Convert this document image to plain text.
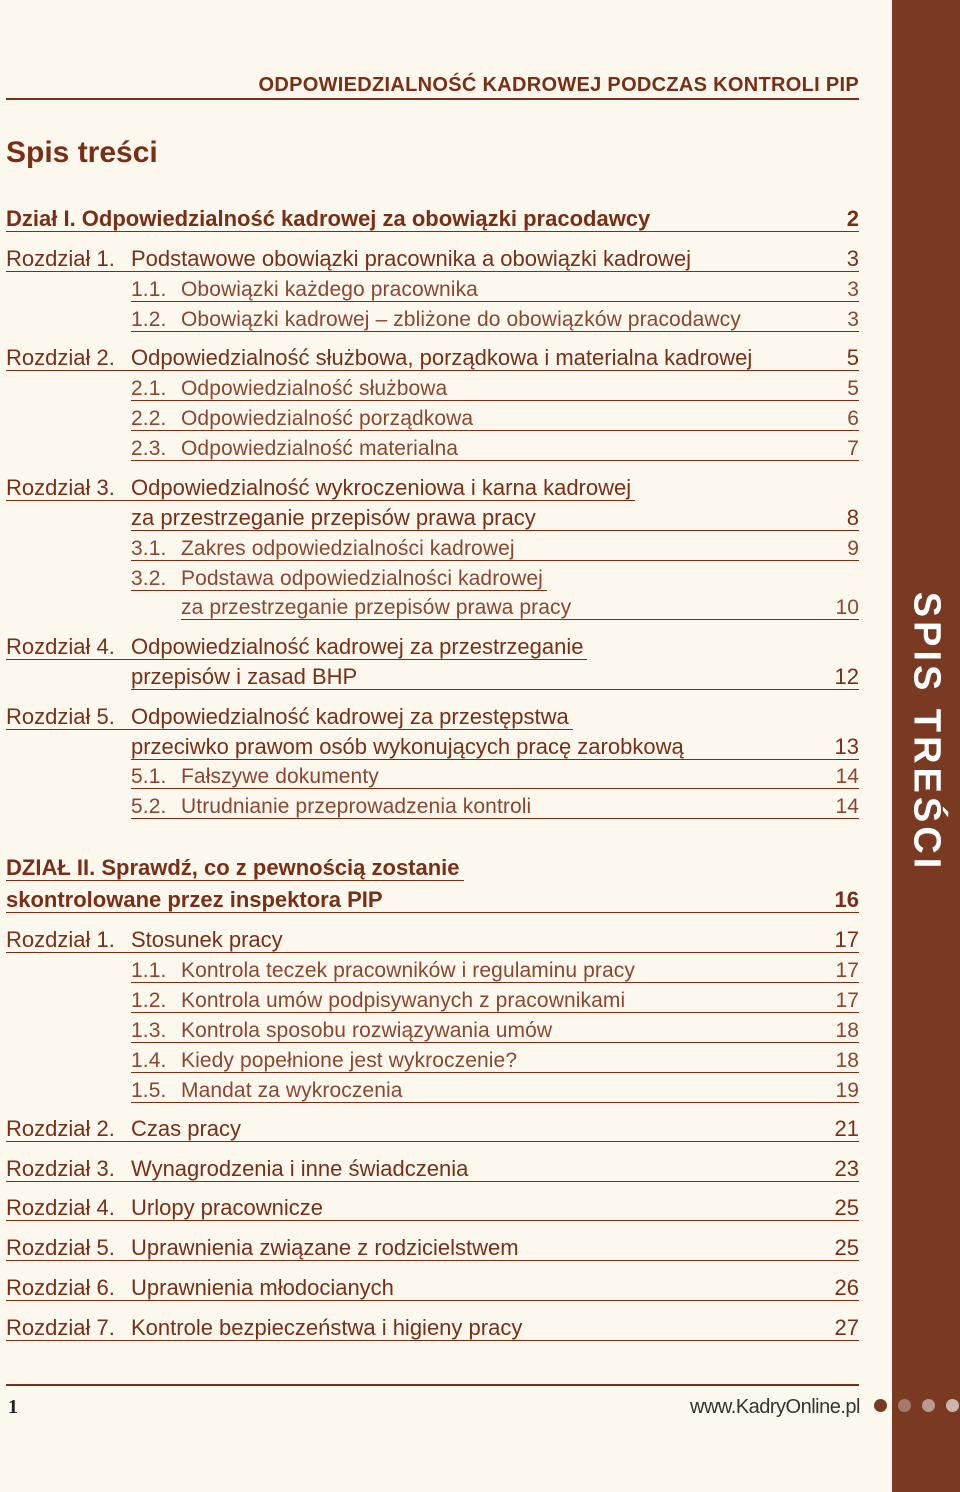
SPIS TREŚCI
ODPOWIEDZIALNOŚĆ KADROWEJ PODCZAS KONTROLI PIP
Spis treści
Dział I. Odpowiedzialność kadrowej za obowiązki pracodawcy	2
Rozdział 1. Podstawowe obowiązki pracownika a obowiązki kadrowej	3
1.1. Obowiązki każdego pracownika	3
1.2. Obowiązki kadrowej – zbliżone do obowiązków pracodawcy	3
Rozdział 2. Odpowiedzialność służbowa, porządkowa i materialna kadrowej	5
2.1. Odpowiedzialność służbowa	5
2.2. Odpowiedzialność porządkowa	6
2.3. Odpowiedzialność materialna	7
Rozdział 3. Odpowiedzialność wykroczeniowa i karna kadrowej
za przestrzeganie przepisów prawa pracy	8
3.1. Zakres odpowiedzialności kadrowej	9
3.2. Podstawa odpowiedzialności kadrowej
za przestrzeganie przepisów prawa pracy	10
Rozdział 4. Odpowiedzialność kadrowej za przestrzeganie
przepisów i zasad BHP	12
Rozdział 5. Odpowiedzialność kadrowej za przestępstwa
przeciwko prawom osób wykonujących pracę zarobkową	13
5.1. Fałszywe dokumenty	14
5.2. Utrudnianie przeprowadzenia kontroli	14
DZIAŁ II. Sprawdź, co z pewnością zostanie
skontrolowane przez inspektora PIP	16
Rozdział 1. Stosunek pracy	17
1.1. Kontrola teczek pracowników i regulaminu pracy	17
1.2. Kontrola umów podpisywanych z pracownikami	17
1.3. Kontrola sposobu rozwiązywania umów	18
1.4. Kiedy popełnione jest wykroczenie?	18
1.5. Mandat za wykroczenia	19
Rozdział 2. Czas pracy	21
Rozdział 3. Wynagrodzenia i inne świadczenia	23
Rozdział 4. Urlopy pracownicze	25
Rozdział 5. Uprawnienia związane z rodzicielstwem	25
Rozdział 6. Uprawnienia młodocianych	26
Rozdział 7. Kontrole bezpieczeństwa i higieny pracy	27
1	www.KadryOnline.pl
